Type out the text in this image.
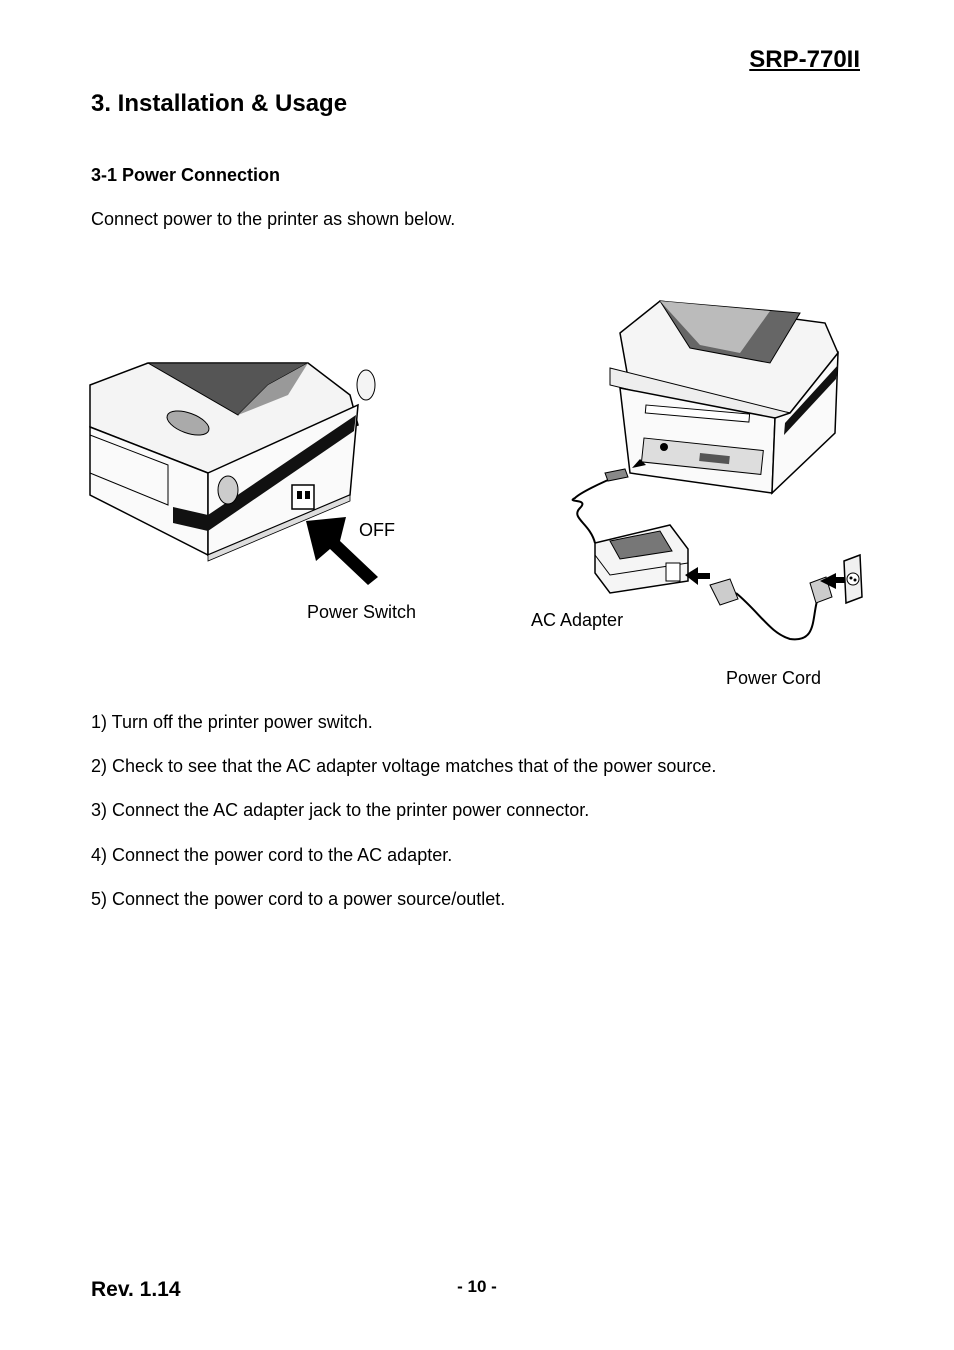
SRP-770II
3. Installation & Usage
3-1 Power Connection
Connect power to the printer as shown below.
OFF
Power Switch	AC Adapter
Power Cord
1) Turn off the printer power switch.
2) Check to see that the AC adapter voltage matches that of the power source.
3) Connect the AC adapter jack to the printer power connector.
4) Connect the power cord to the AC adapter.
5) Connect the power cord to a power source/outlet.
Rev. 1.14	- 10 -
